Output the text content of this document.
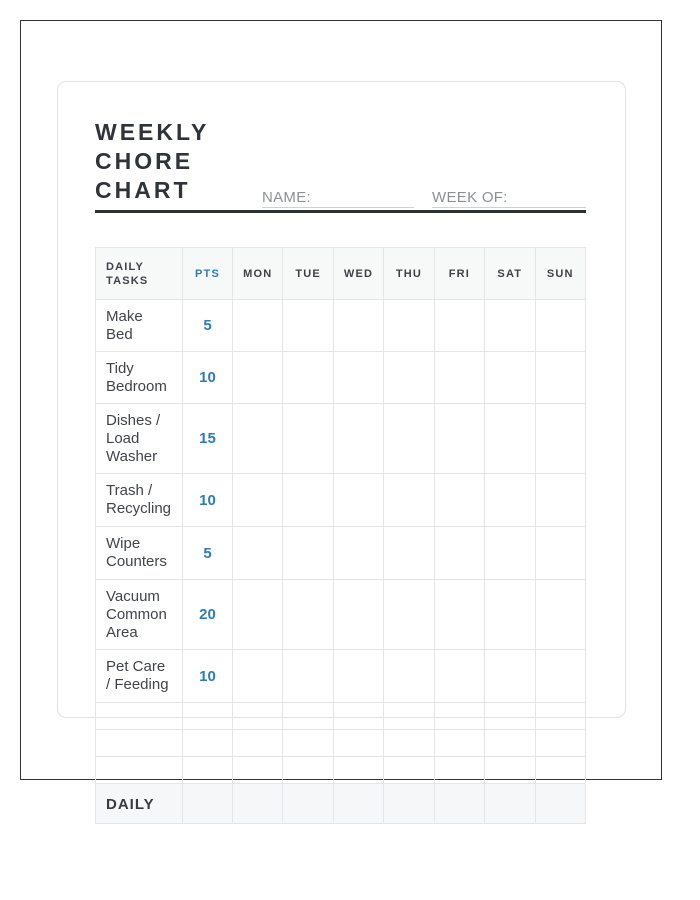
WEEKLY CHORE CHART	NAME:	WEEK OF:
DAILY TASKS	PTS	MON	TUE	WED	THU	FRI	SAT	SUN
Make Bed	5							
Tidy Bedroom	10							
Dishes / Load Washer	15							
Trash / Recycling	10							
Wipe Counters	5							
Vacuum Common Area	20							
Pet Care / Feeding	10							

DAILY								
